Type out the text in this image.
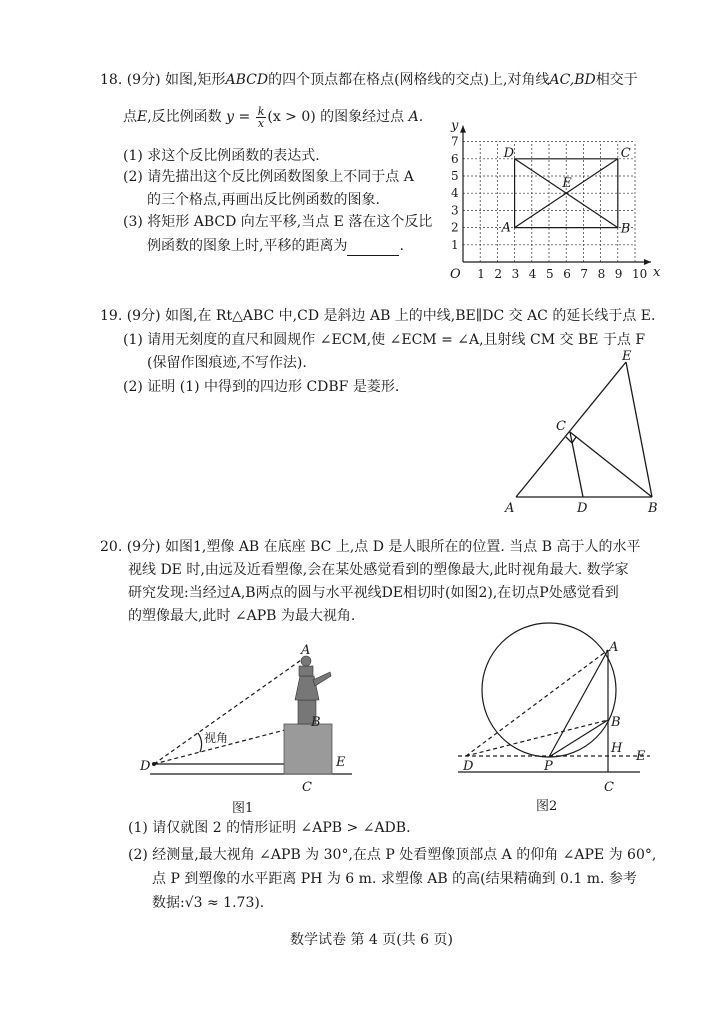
18. (9分) 如图,矩形ABCD的四个顶点都在格点(网格线的交点)上,对角线AC,BD相交于
点E,反比例函数 $y = \frac{k}{x} (x > 0)$ 的图象经过点 A.
(1) 求这个反比例函数的表达式.
(2) 请先描出这个反比例函数图象上不同于点 A
的三个格点,再画出反比例函数的图象.
(3) 将矩形 ABCD 向左平移,当点 E 落在这个反比
例函数的图象上时,平移的距离为	.
1 2 3 4 5 6 7 8 9 10
1
2
3
4
5
6
7
O	x
y
A	B
C
D
E
19. (9分) 如图,在 Rt△ABC 中,CD 是斜边 AB 上的中线,BE∥DC 交 AC 的延长线于点 E.
(1) 请用无刻度的直尺和圆规作 ∠ECM,使 ∠ECM = ∠A,且射线 CM 交 BE 于点 F
(保留作图痕迹,不写作法).
(2) 证明 (1) 中得到的四边形 CDBF 是菱形.
E
C
A	D	B
20. (9分) 如图1,塑像 AB 在底座 BC 上,点 D 是人眼所在的位置. 当点 B 高于人的水平
视线 DE 时,由远及近看塑像,会在某处感觉看到的塑像最大,此时视角最大. 数学家
研究发现:当经过A,B两点的圆与水平视线DE相切时(如图2),在切点P处感觉看到
的塑像最大,此时 ∠APB 为最大视角.
D
A
B
E
C
视角
图1
A
B
H
E
D	P
C
图2
(1) 请仅就图 2 的情形证明 ∠APB > ∠ADB.
(2) 经测量,最大视角 ∠APB 为 30°,在点 P 处看塑像顶部点 A 的仰角 ∠APE 为 60°,
点 P 到塑像的水平距离 PH 为 6 m. 求塑像 AB 的高(结果精确到 0.1 m. 参考
数据:√3 ≈ 1.73).
数学试卷 第 4 页(共 6 页)
